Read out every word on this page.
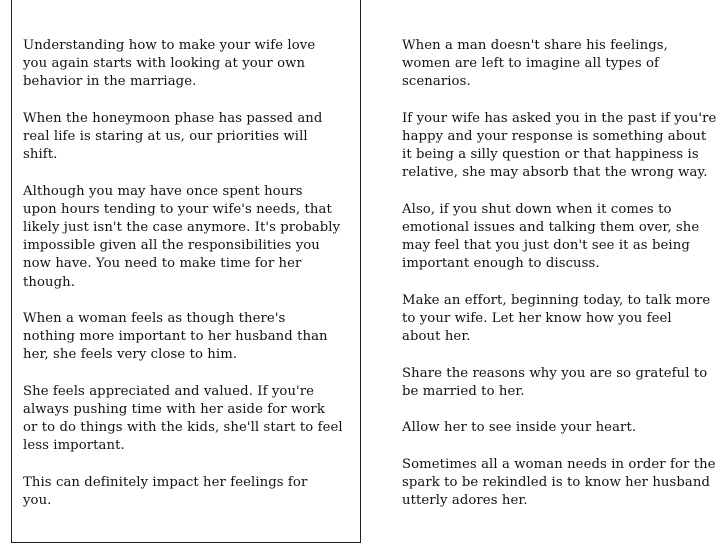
Understanding how to make your wife love
you again starts with looking at your own
behavior in the marriage.
When the honeymoon phase has passed and
real life is staring at us, our priorities will
shift.
Although you may have once spent hours
upon hours tending to your wife's needs, that
likely just isn't the case anymore. It's probably
impossible given all the responsibilities you
now have. You need to make time for her
though.
When a woman feels as though there's
nothing more important to her husband than
her, she feels very close to him.
She feels appreciated and valued. If you're
always pushing time with her aside for work
or to do things with the kids, she'll start to feel
less important.
This can definitely impact her feelings for
you.
When a man doesn't share his feelings,
women are left to imagine all types of
scenarios.
If your wife has asked you in the past if you're
happy and your response is something about
it being a silly question or that happiness is
relative, she may absorb that the wrong way.
Also, if you shut down when it comes to
emotional issues and talking them over, she
may feel that you just don't see it as being
important enough to discuss.
Make an effort, beginning today, to talk more
to your wife. Let her know how you feel
about her.
Share the reasons why you are so grateful to
be married to her.
Allow her to see inside your heart.
Sometimes all a woman needs in order for the
spark to be rekindled is to know her husband
utterly adores her.
